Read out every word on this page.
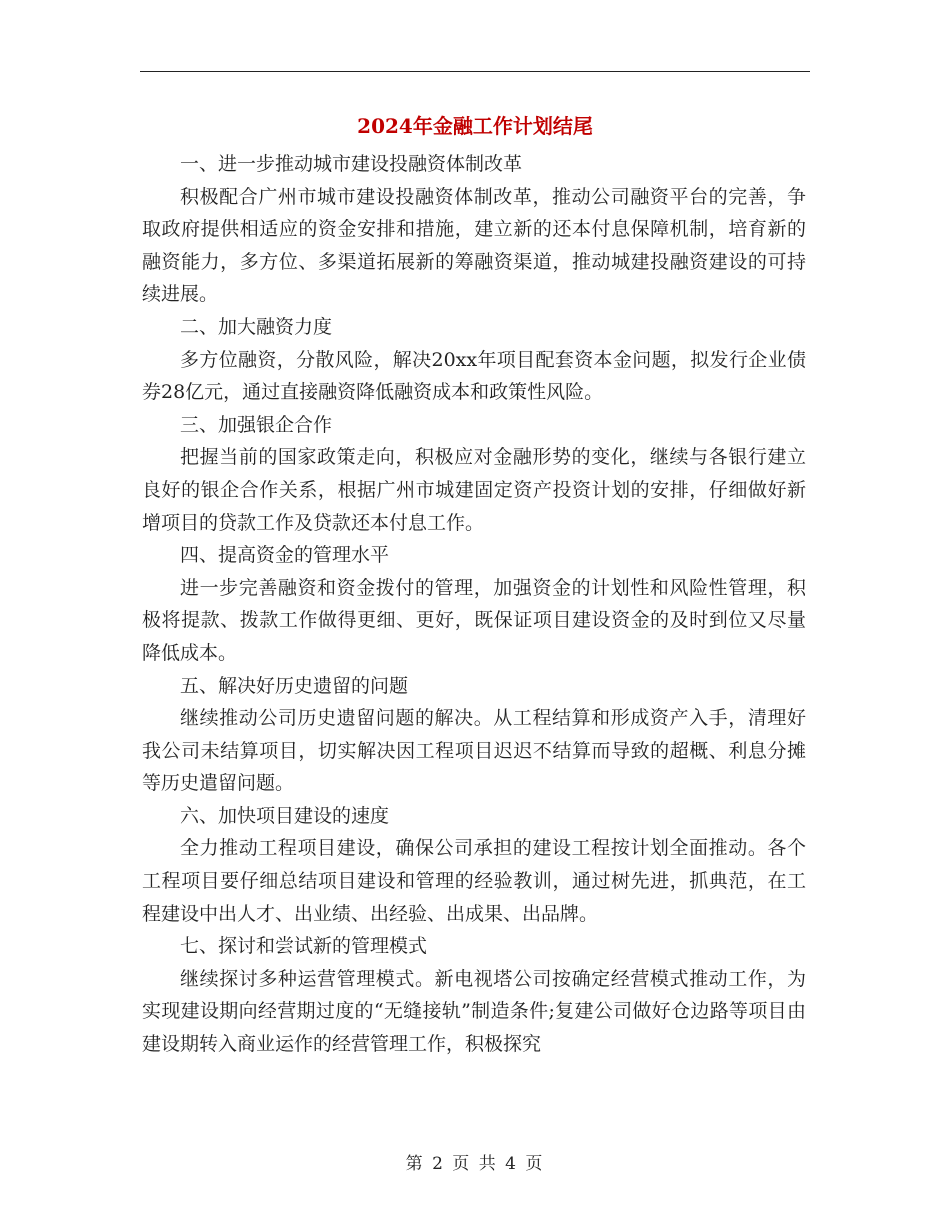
2024年金融工作计划结尾

一、进一步推动城市建设投融资体制改革

积极配合广州市城市建设投融资体制改革，推动公司融资平台的完善，争取政府提供相适应的资金安排和措施，建立新的还本付息保障机制，培育新的融资能力，多方位、多渠道拓展新的筹融资渠道，推动城建投融资建设的可持续进展。

二、加大融资力度

多方位融资，分散风险，解决20xx年项目配套资本金问题，拟发行企业债券28亿元，通过直接融资降低融资成本和政策性风险。

三、加强银企合作

把握当前的国家政策走向，积极应对金融形势的变化，继续与各银行建立良好的银企合作关系，根据广州市城建固定资产投资计划的安排，仔细做好新增项目的贷款工作及贷款还本付息工作。

四、提高资金的管理水平

进一步完善融资和资金拨付的管理，加强资金的计划性和风险性管理，积极将提款、拨款工作做得更细、更好，既保证项目建设资金的及时到位又尽量降低成本。

五、解决好历史遗留的问题

继续推动公司历史遗留问题的解决。从工程结算和形成资产入手，清理好我公司未结算项目，切实解决因工程项目迟迟不结算而导致的超概、利息分摊等历史遣留问题。

六、加快项目建设的速度

全力推动工程项目建设，确保公司承担的建设工程按计划全面推动。各个工程项目要仔细总结项目建设和管理的经验教训，通过树先进，抓典范，在工程建设中出人才、出业绩、出经验、出成果、出品牌。

七、探讨和尝试新的管理模式

继续探讨多种运营管理模式。新电视塔公司按确定经营模式推动工作，为实现建设期向经营期过度的“无缝接轨”制造条件;复建公司做好仓边路等项目由建设期转入商业运作的经营管理工作，积极探究

第 2 页 共 4 页
